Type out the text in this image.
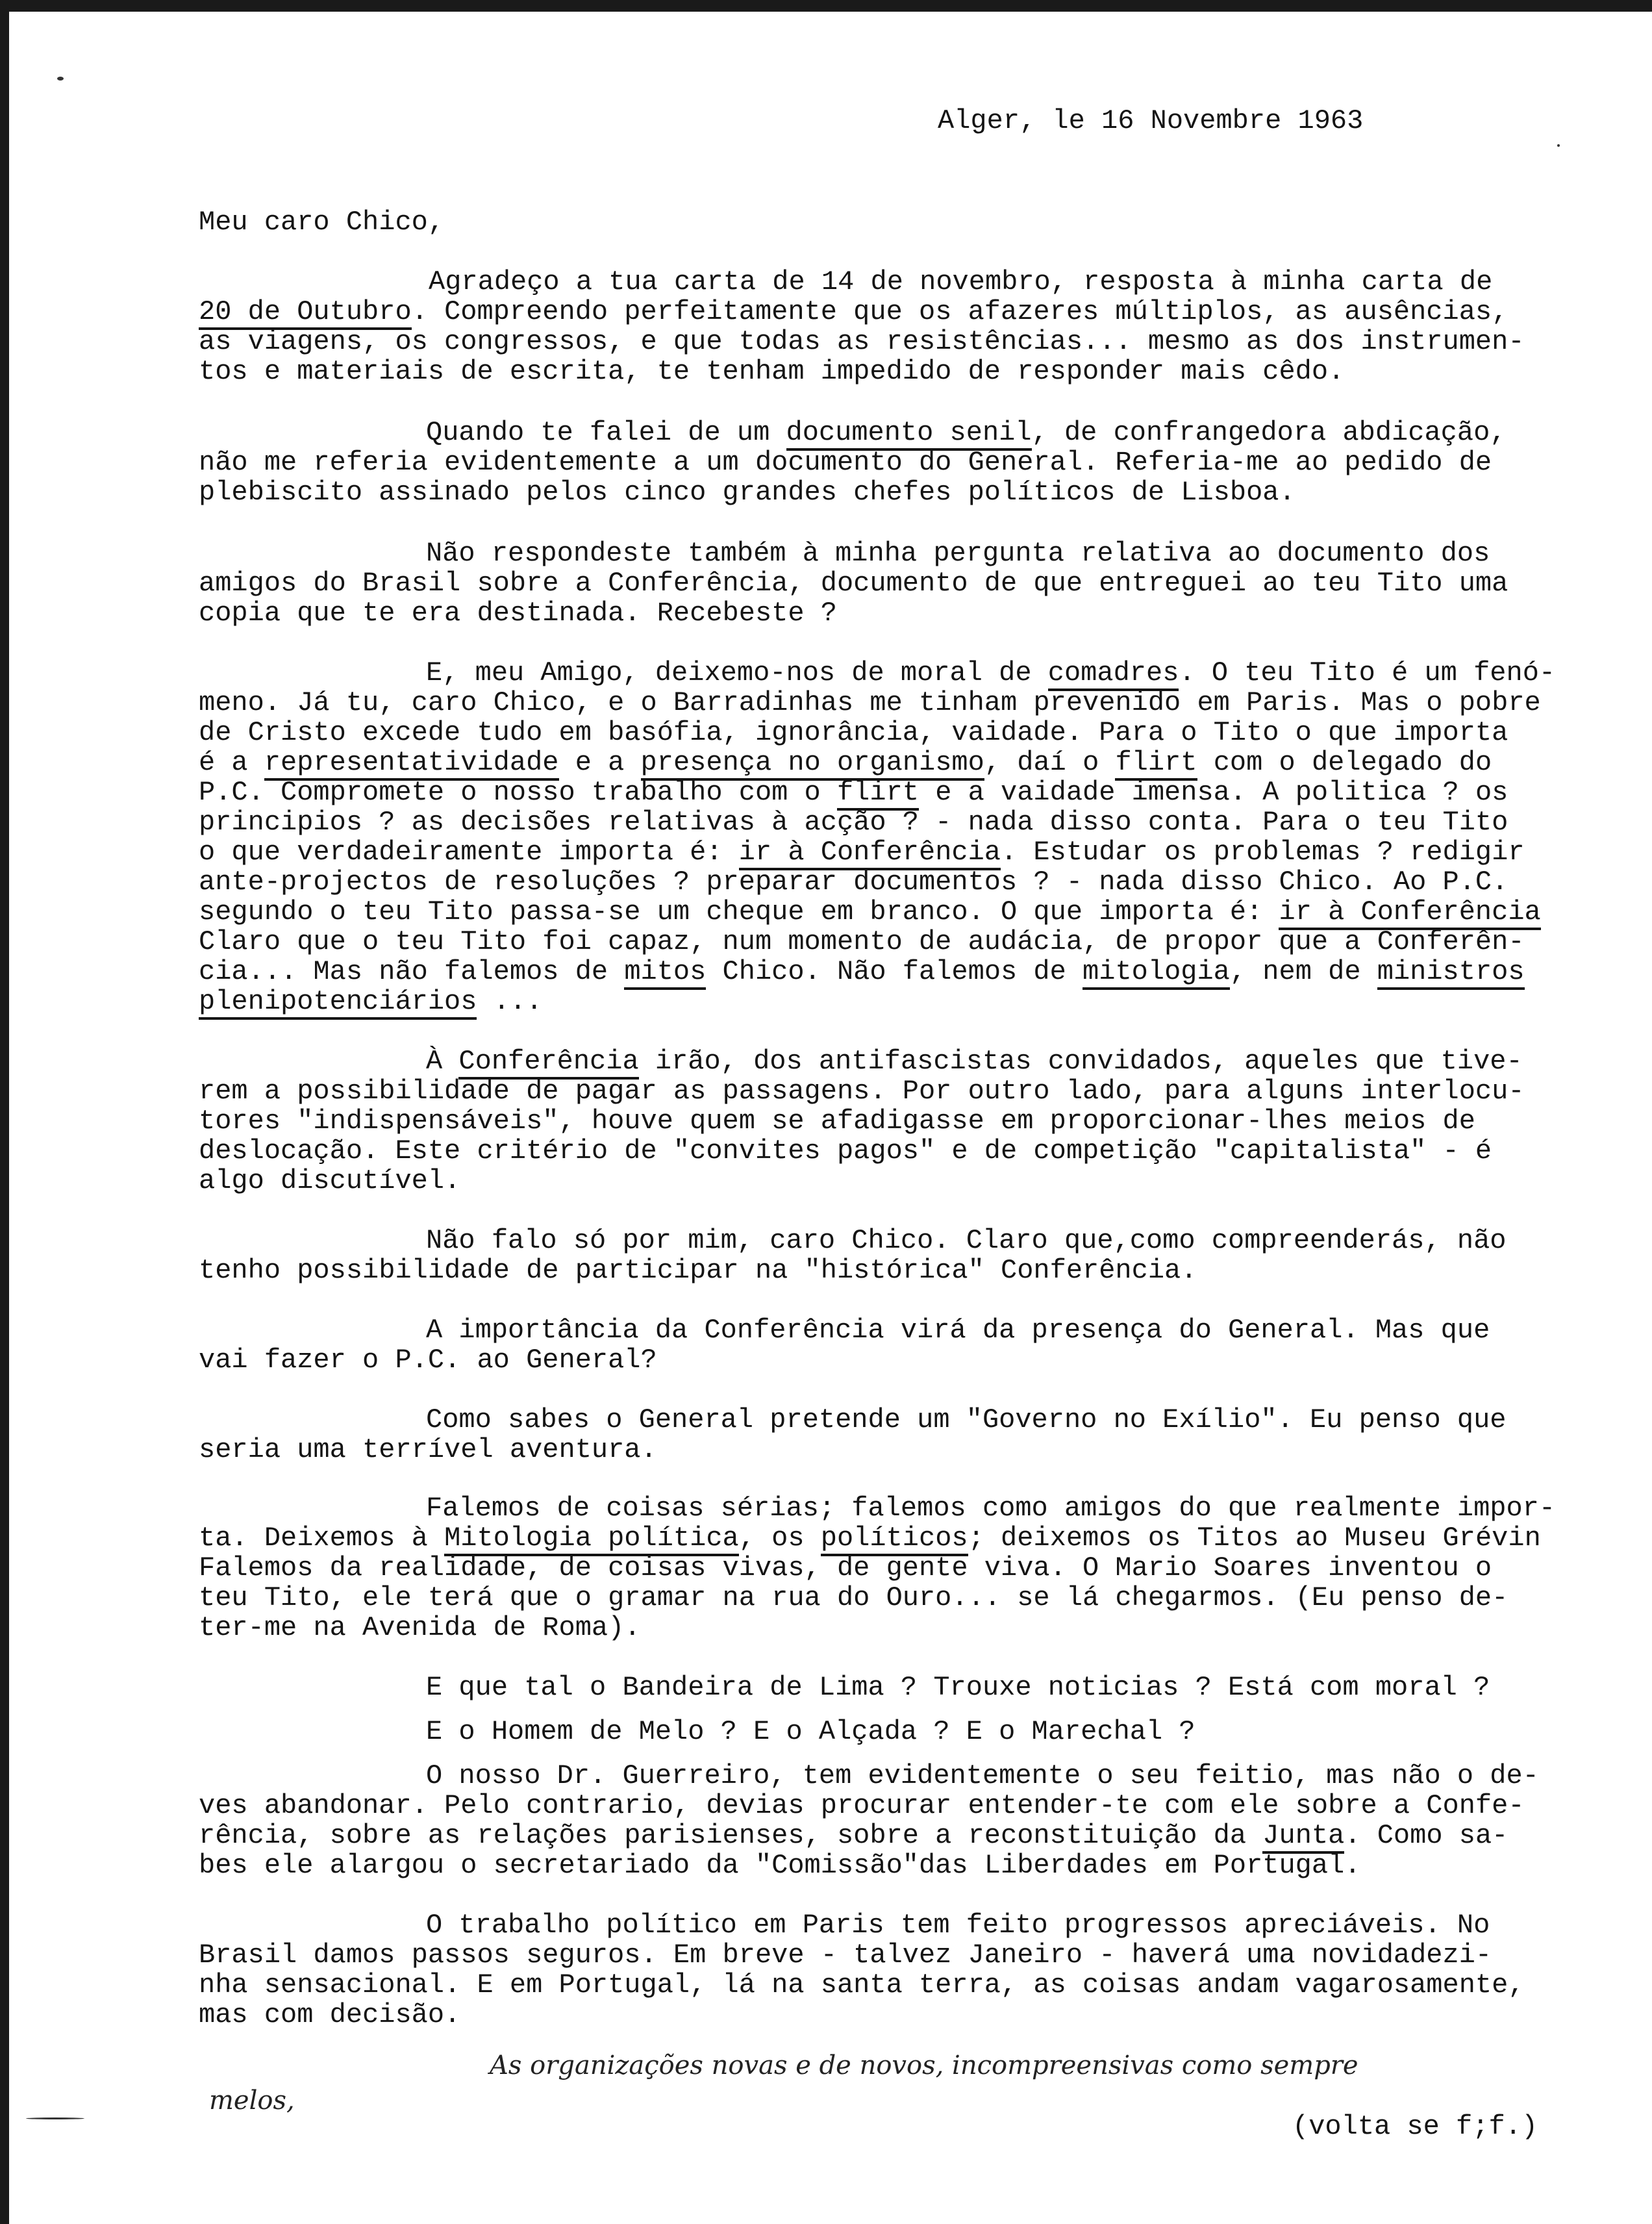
Alger, le 16 Novembre 1963
Meu caro Chico,
Agradeço a tua carta de 14 de novembro, resposta à minha carta de
20 de Outubro. Compreendo perfeitamente que os afazeres múltiplos, as ausências,
as viagens, os congressos, e que todas as resistências... mesmo as dos instrumen-
tos e materiais de escrita, te tenham impedido de responder mais cêdo.
Quando te falei de um documento senil, de confrangedora abdicação,
não me referia evidentemente a um documento do General. Referia-me ao pedido de
plebiscito assinado pelos cinco grandes chefes políticos de Lisboa.
Não respondeste também à minha pergunta relativa ao documento dos
amigos do Brasil sobre a Conferência, documento de que entreguei ao teu Tito uma
copia que te era destinada. Recebeste ?
E, meu Amigo, deixemo-nos de moral de comadres. O teu Tito é um fenó-
meno. Já tu, caro Chico, e o Barradinhas me tinham prevenido em Paris. Mas o pobre
de Cristo excede tudo em basófia, ignorância, vaidade. Para o Tito o que importa
é a representatividade e a presença no organismo, daí o flirt com o delegado do
P.C. Compromete o nosso trabalho com o flirt e a vaidade imensa. A politica ? os
principios ? as decisões relativas à acção ? - nada disso conta. Para o teu Tito
o que verdadeiramente importa é: ir à Conferência. Estudar os problemas ? redigir
ante-projectos de resoluções ? preparar documentos ? - nada disso Chico. Ao P.C.
segundo o teu Tito passa-se um cheque em branco. O que importa é: ir à Conferência
Claro que o teu Tito foi capaz, num momento de audácia, de propor que a Conferên-
cia... Mas não falemos de mitos Chico. Não falemos de mitologia, nem de ministros
plenipotenciários ...
À Conferência irão, dos antifascistas convidados, aqueles que tive-
rem a possibilidade de pagar as passagens. Por outro lado, para alguns interlocu-
tores "indispensáveis", houve quem se afadigasse em proporcionar-lhes meios de
deslocação. Este critério de "convites pagos" e de competição "capitalista" - é
algo discutível.
Não falo só por mim, caro Chico. Claro que,como compreenderás, não
tenho possibilidade de participar na "histórica" Conferência.
A importância da Conferência virá da presença do General. Mas que
vai fazer o P.C. ao General?
Como sabes o General pretende um "Governo no Exílio". Eu penso que
seria uma terrível aventura.
Falemos de coisas sérias; falemos como amigos do que realmente impor-
ta. Deixemos à Mitologia política, os políticos; deixemos os Titos ao Museu Grévin
Falemos da realidade, de coisas vivas, de gente viva. O Mario Soares inventou o
teu Tito, ele terá que o gramar na rua do Ouro... se lá chegarmos. (Eu penso de-
ter-me na Avenida de Roma).
E que tal o Bandeira de Lima ? Trouxe noticias ? Está com moral ?
E o Homem de Melo ? E o Alçada ? E o Marechal ?
O nosso Dr. Guerreiro, tem evidentemente o seu feitio, mas não o de-
ves abandonar. Pelo contrario, devias procurar entender-te com ele sobre a Confe-
rência, sobre as relações parisienses, sobre a reconstituição da Junta. Como sa-
bes ele alargou o secretariado da "Comissão"das Liberdades em Portugal.
O trabalho político em Paris tem feito progressos apreciáveis. No
Brasil damos passos seguros. Em breve - talvez Janeiro - haverá uma novidadezi-
nha sensacional. E em Portugal, lá na santa terra, as coisas andam vagarosamente,
mas com decisão.
As organizações novas e de novos, incompreensivas como sempre
melos,
(volta se f;f.)
